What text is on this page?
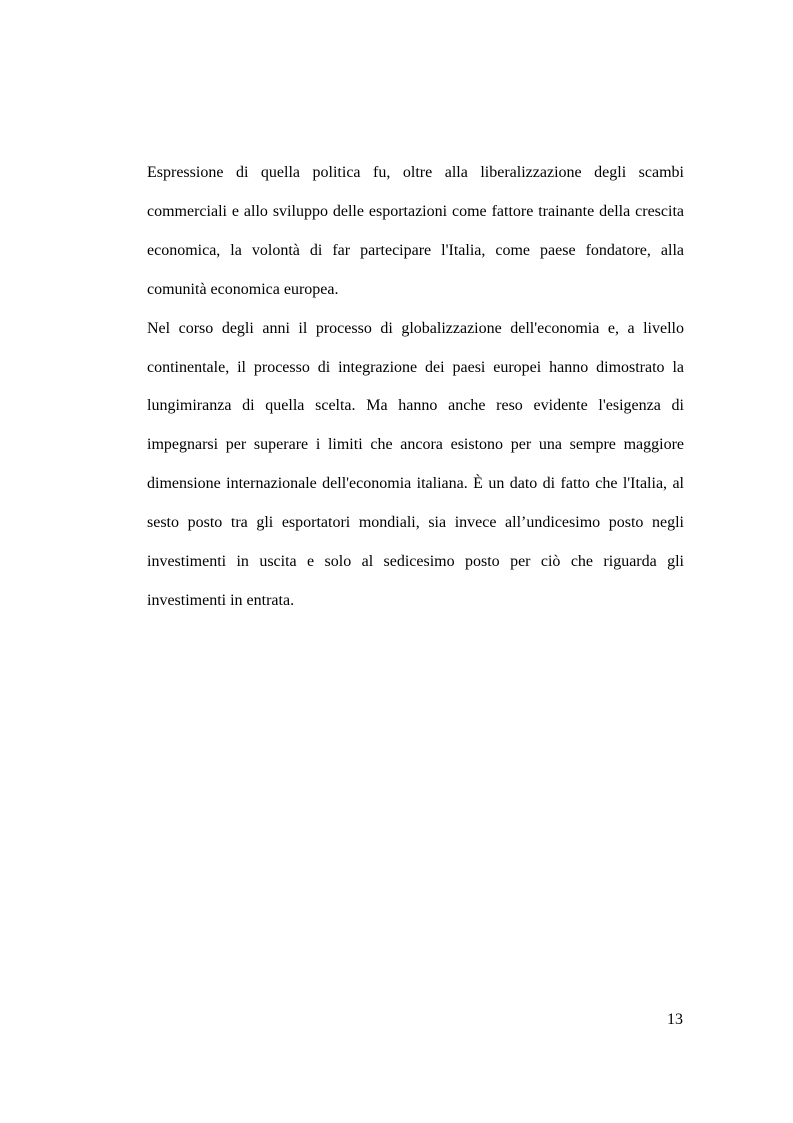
Espressione di quella politica fu, oltre alla liberalizzazione degli scambi commerciali e allo sviluppo delle esportazioni come fattore trainante della crescita economica, la volontà di far partecipare l'Italia, come paese fondatore, alla comunità economica europea.

Nel corso degli anni il processo di globalizzazione dell'economia e, a livello continentale, il processo di integrazione dei paesi europei hanno dimostrato la lungimiranza di quella scelta. Ma hanno anche reso evidente l'esigenza di impegnarsi per superare i limiti che ancora esistono per una sempre maggiore dimensione internazionale dell'economia italiana. È un dato di fatto che l'Italia, al sesto posto tra gli esportatori mondiali, sia invece all’undicesimo posto negli investimenti in uscita e solo al sedicesimo posto per ciò che riguarda gli investimenti in entrata.

13
